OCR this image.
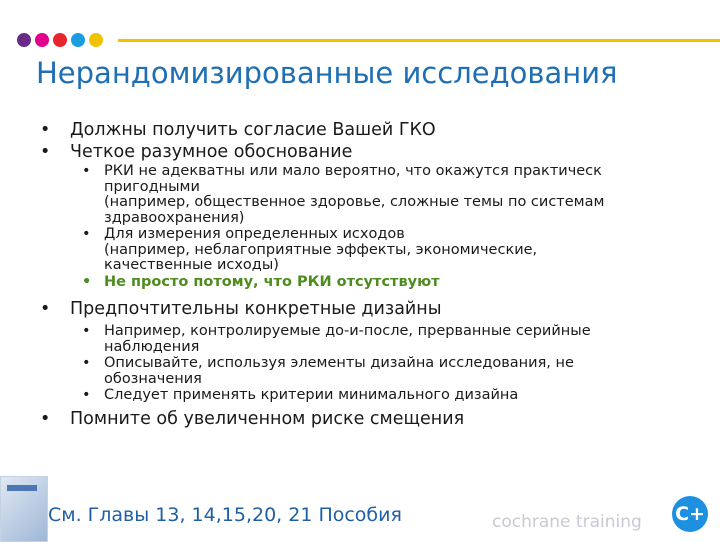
Нерандомизированные исследования
• Должны получить согласие Вашей ГКО
• Четкое разумное обоснование
• РКИ не адекватны или мало вероятно, что окажутся практическ
пригодными
(например, общественное здоровье, сложные темы по системам
здравоохранения)
• Для измерения определенных исходов
(например, неблагоприятные эффекты, экономические,
качественные исходы)
• Не просто потому, что РКИ отсутствуют
• Предпочтительны конкретные дизайны
• Например, контролируемые до-и-после, прерванные серийные
наблюдения
• Описывайте, используя элементы дизайна исследования, не
обозначения
• Следует применять критерии минимального дизайна
• Помните об увеличенном риске смещения
См. Главы 13, 14,15,20, 21 Пособия	cochrane training C+
